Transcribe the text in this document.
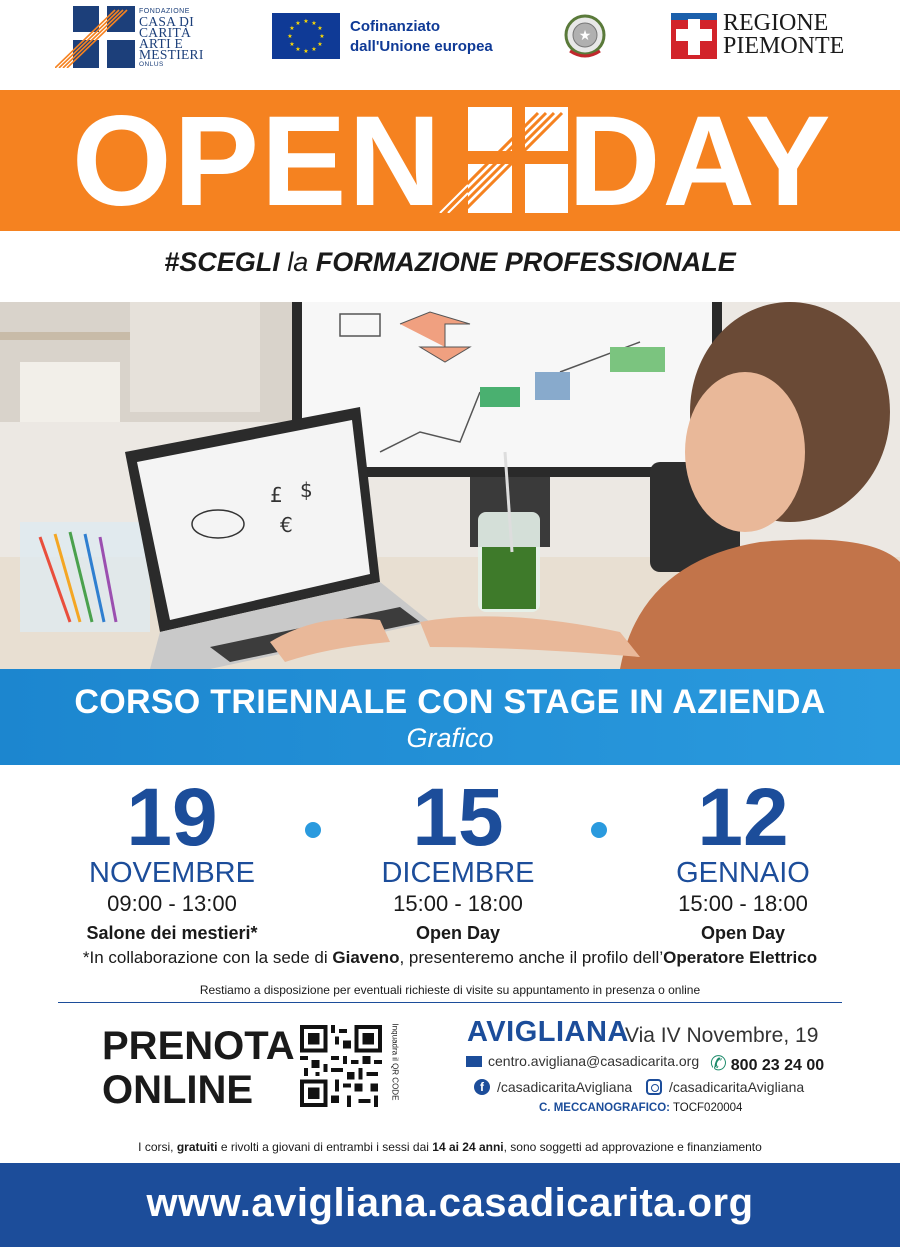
FONDAZIONE
CASA DI
CARITÀ
ARTI E
MESTIERI
ONLUS
★ ★
★
★
★
★
★
★
★
★
★
★	Cofinanziato
dall'Unione europea
★	REGIONE
PIEMONTE
OPEN DAY
#SCEGLI la FORMAZIONE PROFESSIONALE
£ $
€
CORSO TRIENNALE CON STAGE IN AZIENDA
Grafico
19
NOVEMBRE
09:00 - 13:00
Salone dei mestieri*
15
DICEMBRE
15:00 - 18:00
Open Day
12
GENNAIO
15:00 - 18:00
Open Day
*In collaborazione con la sede di Giaveno, presenteremo anche il profilo dell’Operatore Elettrico
Restiamo a disposizione per eventuali richieste di visite su appuntamento in presenza o online
PRENOTA
ONLINE	Inquadra il QR CODE AVIGLIANA
Via IV Novembre, 19
centro.avigliana@casadicarita.org ✆ 800 23 24 00
f /casadicaritaAvigliana	/casadicaritaAvigliana
C. MECCANOGRAFICO: TOCF020004
I corsi, gratuiti e rivolti a giovani di entrambi i sessi dai 14 ai 24 anni, sono soggetti ad approvazione e finanziamento
www.avigliana.casadicarita.org
